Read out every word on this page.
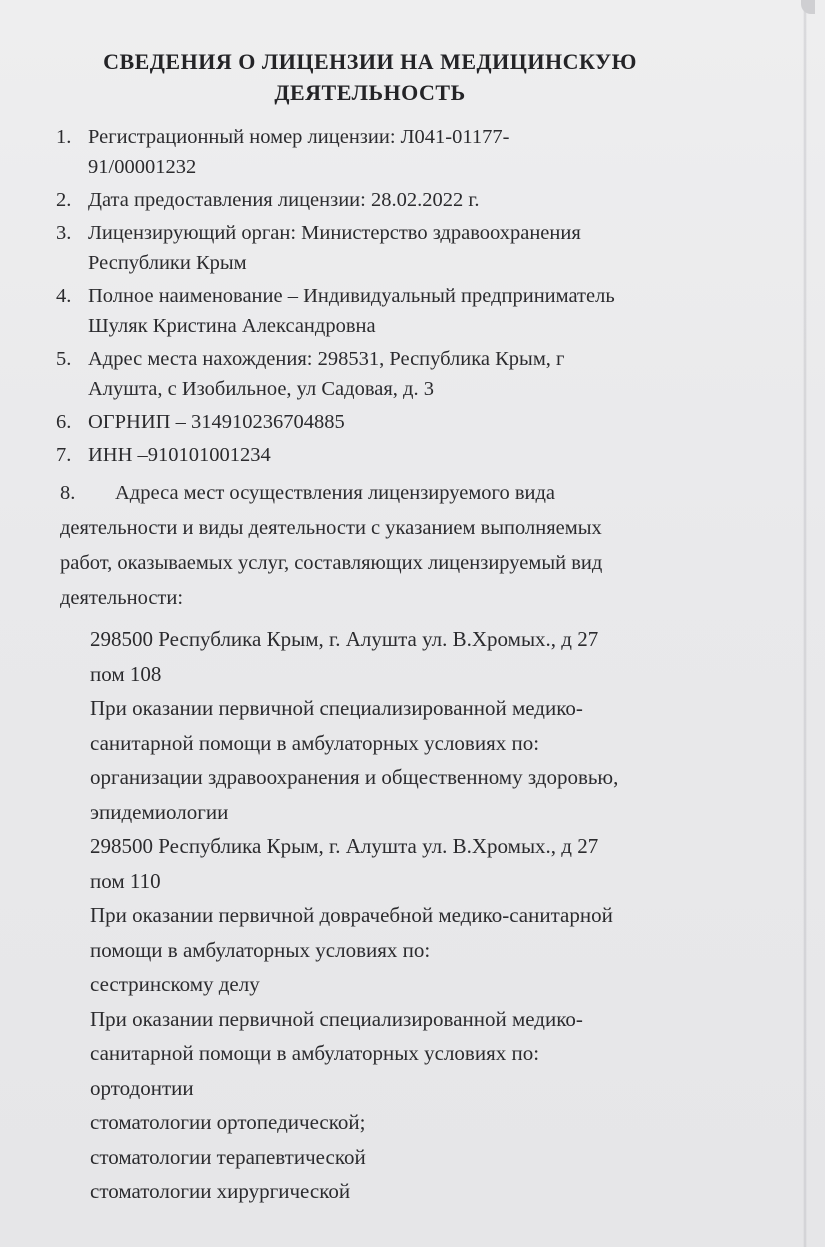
СВЕДЕНИЯ О ЛИЦЕНЗИИ НА МЕДИЦИНСКУЮ
ДЕЯТЕЛЬНОСТЬ
1. Регистрационный номер лицензии: Л041-01177-
91/00001232
2. Дата предоставления лицензии: 28.02.2022 г.
3. Лицензирующий орган: Министерство здравоохранения
Республики Крым
4. Полное наименование – Индивидуальный предприниматель
Шуляк Кристина Александровна
5. Адрес места нахождения: 298531, Республика Крым, г
Алушта, с Изобильное, ул Садовая, д. 3
6. ОГРНИП – 314910236704885
7. ИНН –910101001234
8. Адреса мест осуществления лицензируемого вида
деятельности и виды деятельности с указанием выполняемых
работ, оказываемых услуг, составляющих лицензируемый вид
деятельности:
298500 Республика Крым, г. Алушта ул. В.Хромых., д 27
пом 108
При оказании первичной специализированной медико-
санитарной помощи в амбулаторных условиях по:
организации здравоохранения и общественному здоровью,
эпидемиологии
298500 Республика Крым, г. Алушта ул. В.Хромых., д 27
пом 110
При оказании первичной доврачебной медико-санитарной
помощи в амбулаторных условиях по:
сестринскому делу
При оказании первичной специализированной медико-
санитарной помощи в амбулаторных условиях по:
ортодонтии
стоматологии ортопедической;
стоматологии терапевтической
стоматологии хирургической
